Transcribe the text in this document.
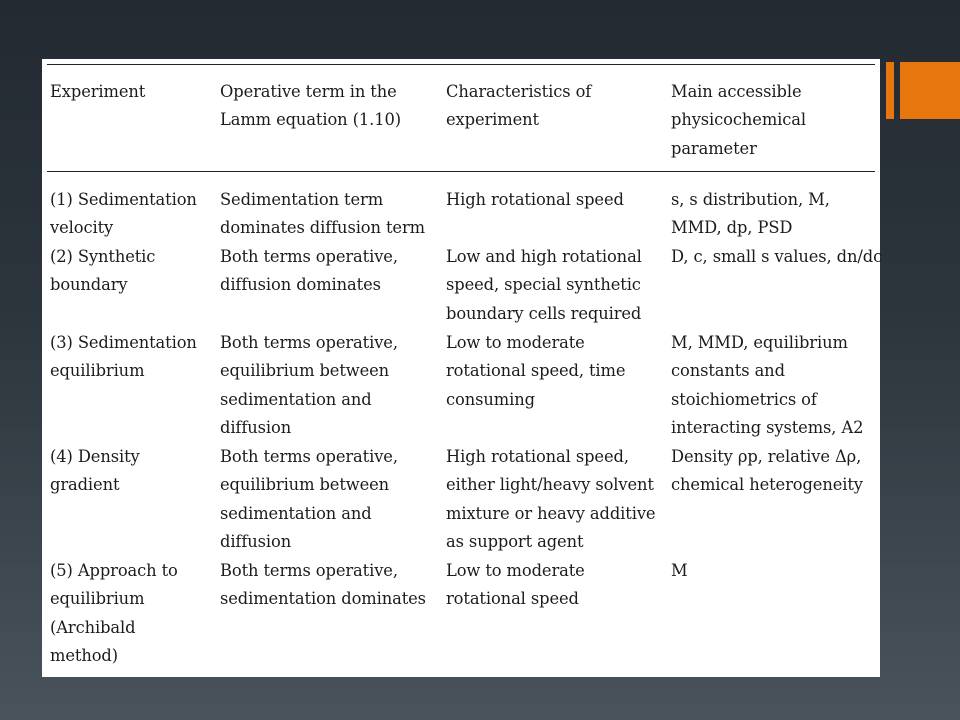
Experiment	Operative term in the
Lamm equation (1.10)
Characteristics of
experiment
Main accessible
physicochemical
parameter
(1) Sedimentation
velocity
Sedimentation term
dominates diffusion term
High rotational speed	s, s distribution, M,
MMD, dp, PSD
(2) Synthetic
boundary
Both terms operative,
diffusion dominates
Low and high rotational
speed, special synthetic
boundary cells required
D, c, small s values, dn/dc
(3) Sedimentation
equilibrium
Both terms operative,
equilibrium between
sedimentation and
diffusion
Low to moderate
rotational speed, time
consuming
M, MMD, equilibrium
constants and
stoichiometrics of
interacting systems, A2
(4) Density
gradient
Both terms operative,
equilibrium between
sedimentation and
diffusion
High rotational speed,
either light/heavy solvent
mixture or heavy additive
as support agent
Density ρp, relative Δρ,
chemical heterogeneity
(5) Approach to
equilibrium
(Archibald
method)
Both terms operative,
sedimentation dominates
Low to moderate
rotational speed
M
